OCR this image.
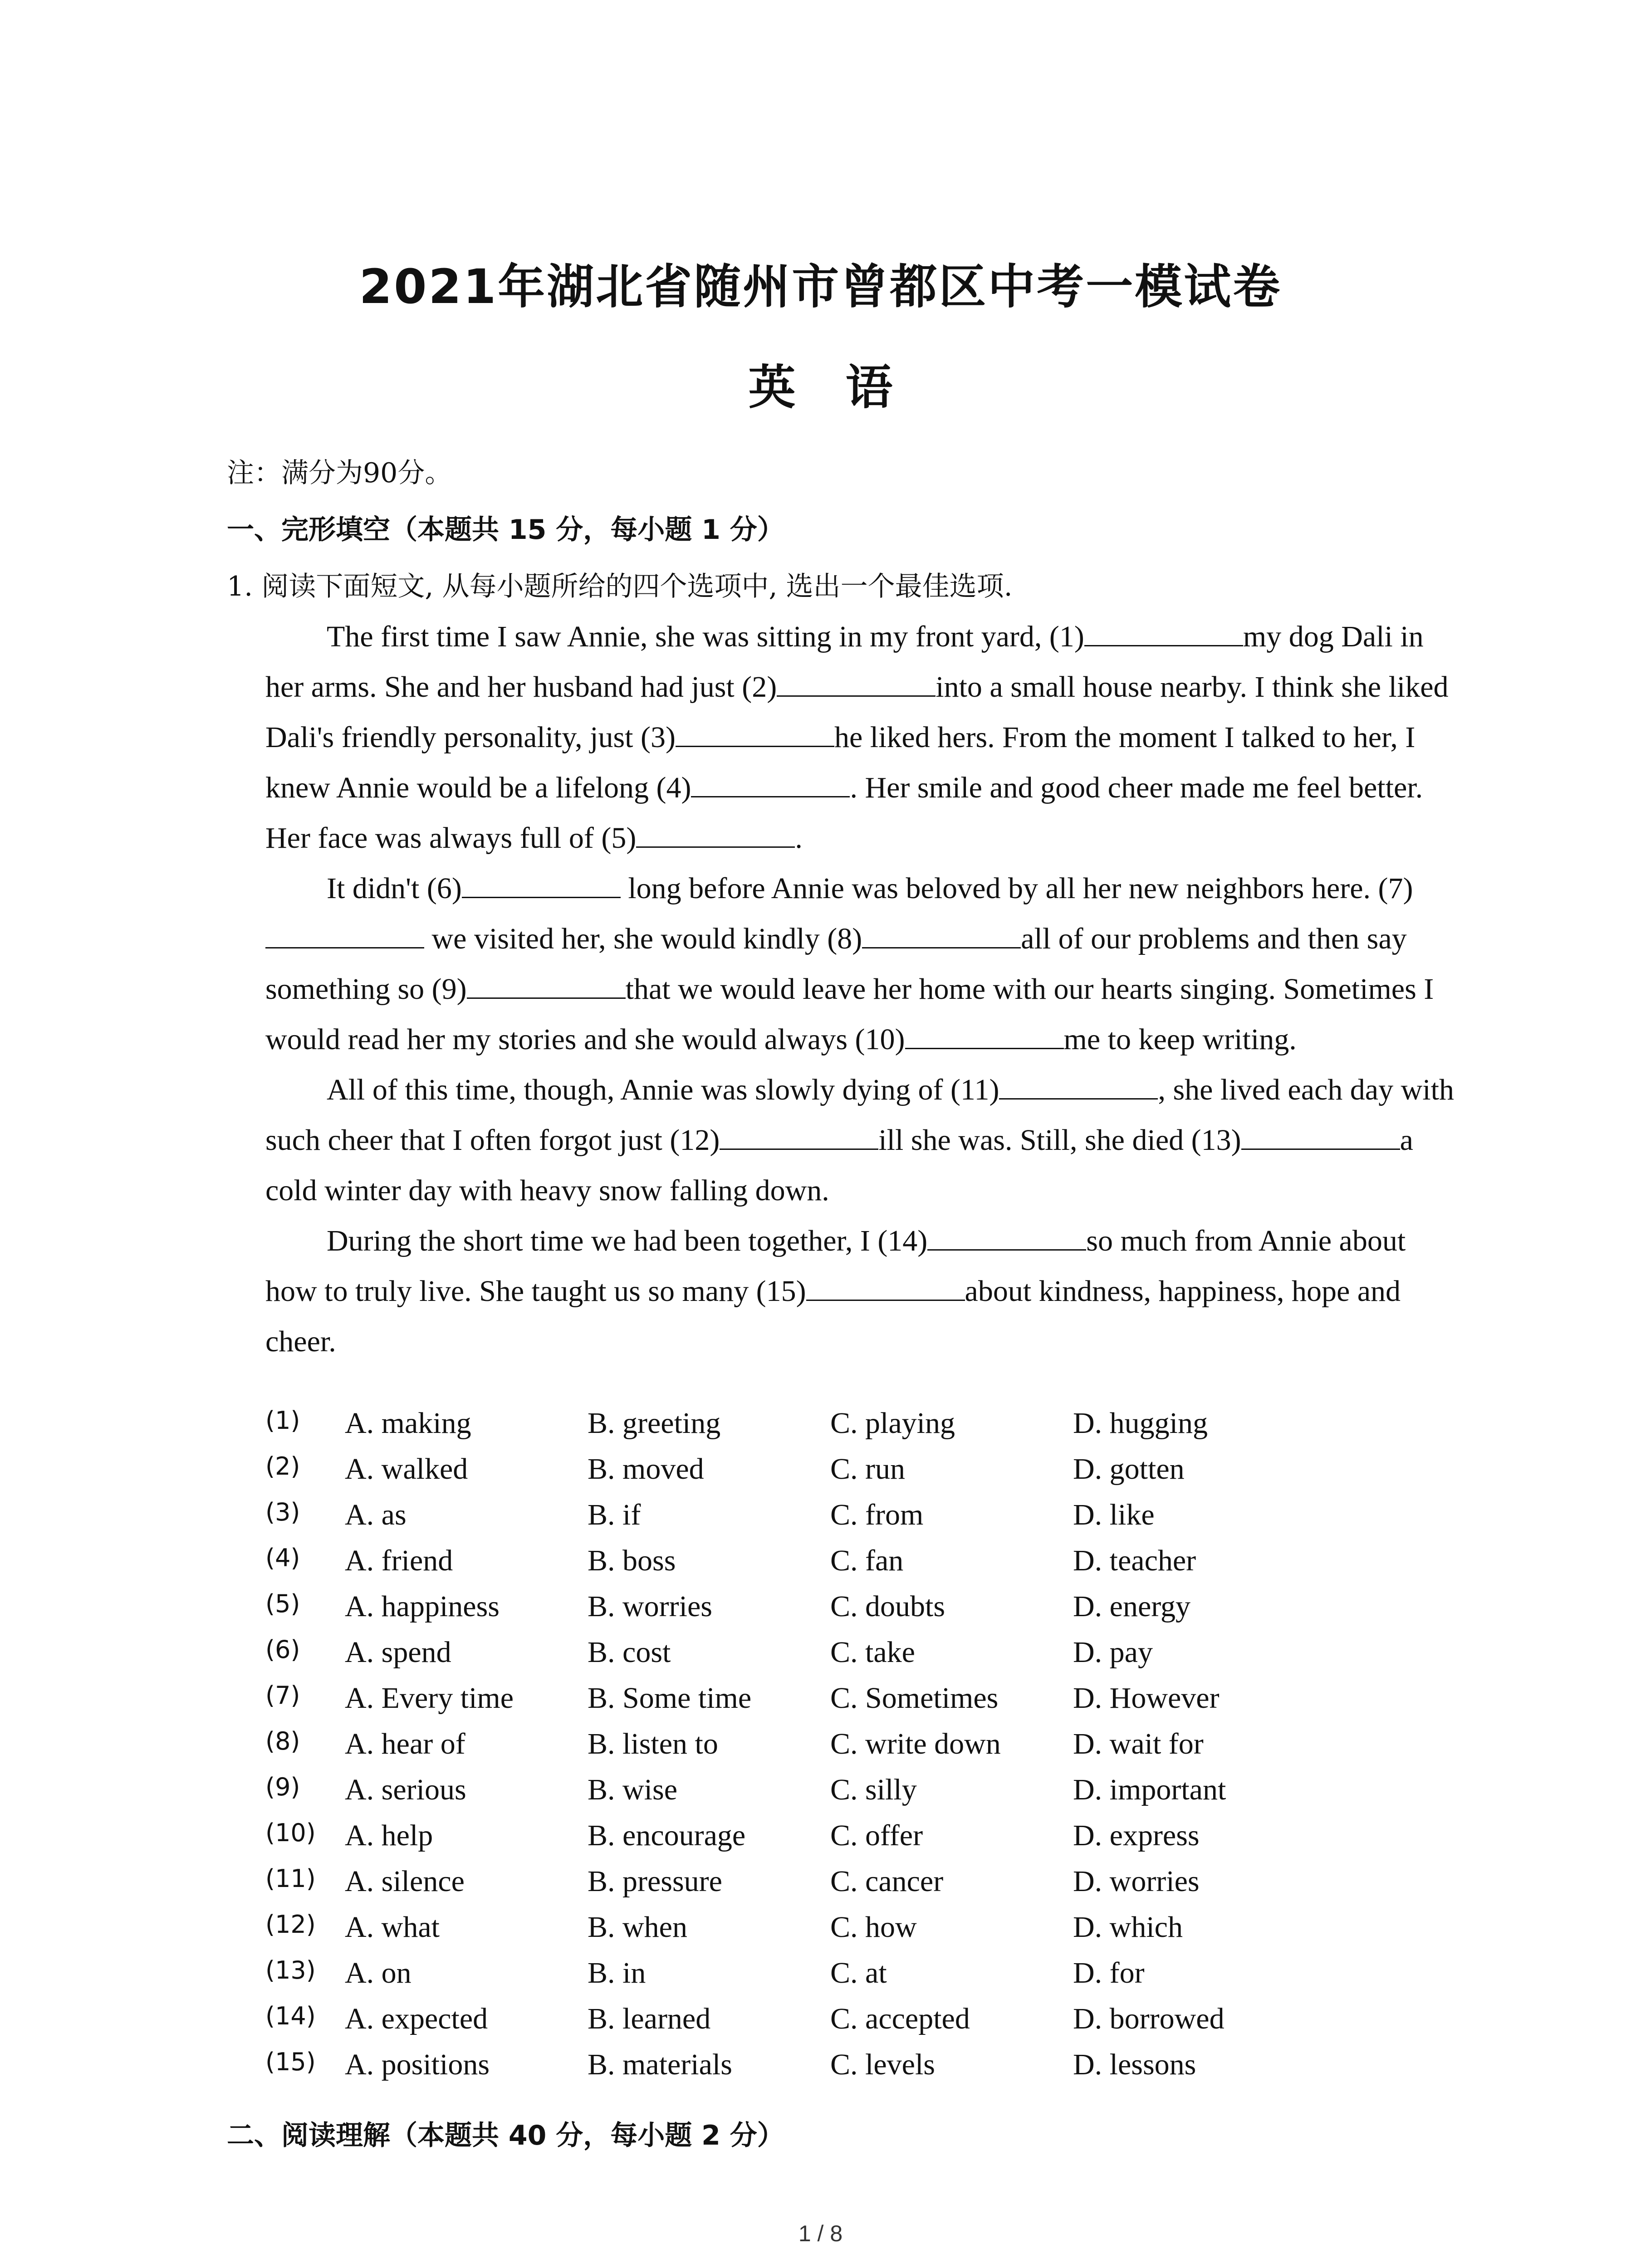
2021年湖北省随州市曾都区中考一模试卷
英语
注：满分为90分。
一、完形填空（本题共 15 分，每小题 1 分）
1. 阅读下面短文, 从每小题所给的四个选项中, 选出一个最佳选项.

The first time I saw Annie, she was sitting in my front yard, (1)	my dog Dali in her arms. She and her husband had just (2)	into a small house nearby. I think she liked Dali's friendly personality, just (3)	he liked hers. From the moment I talked to her, I knew Annie would be a lifelong (4)	. Her smile and good cheer made me feel better. Her face was always full of (5)	.

It didn't (6)	long before Annie was beloved by all her new neighbors here. (7) we visited her, she would kindly (8)	all of our problems and then say something so (9)	that we would leave her home with our hearts singing. Sometimes I would read her my stories and she would always (10)	me to keep writing.

All of this time, though, Annie was slowly dying of (11)	, she lived each day with such cheer that I often forgot just (12)	ill she was. Still, she died (13)	a cold winter day with heavy snow falling down.

During the short time we had been together, I (14)	so much from Annie about how to truly live. She taught us so many (15)	about kindness, happiness, hope and cheer.

(1) A. making	B. greeting	C. playing	D. hugging
(2) A. walked	B. moved	C. run	D. gotten
(3) A. as	B. if	C. from	D. like
(4) A. friend	B. boss	C. fan	D. teacher
(5) A. happiness	B. worries	C. doubts	D. energy
(6) A. spend	B. cost	C. take	D. pay
(7) A. Every time B. Some time	C. Sometimes D. However
(8) A. hear of	B. listen to	C. write down D. wait for
(9) A. serious	B. wise	C. silly	D. important
(10) A. help	B. encourage	C. offer	D. express
(11) A. silence	B. pressure	C. cancer	D. worries
(12) A. what	B. when	C. how	D. which
(13) A. on	B. in	C. at	D. for
(14) A. expected	B. learned	C. accepted	D. borrowed
(15) A. positions	B. materials	C. levels	D. lessons
二、阅读理解（本题共 40 分，每小题 2 分）
1 / 8
